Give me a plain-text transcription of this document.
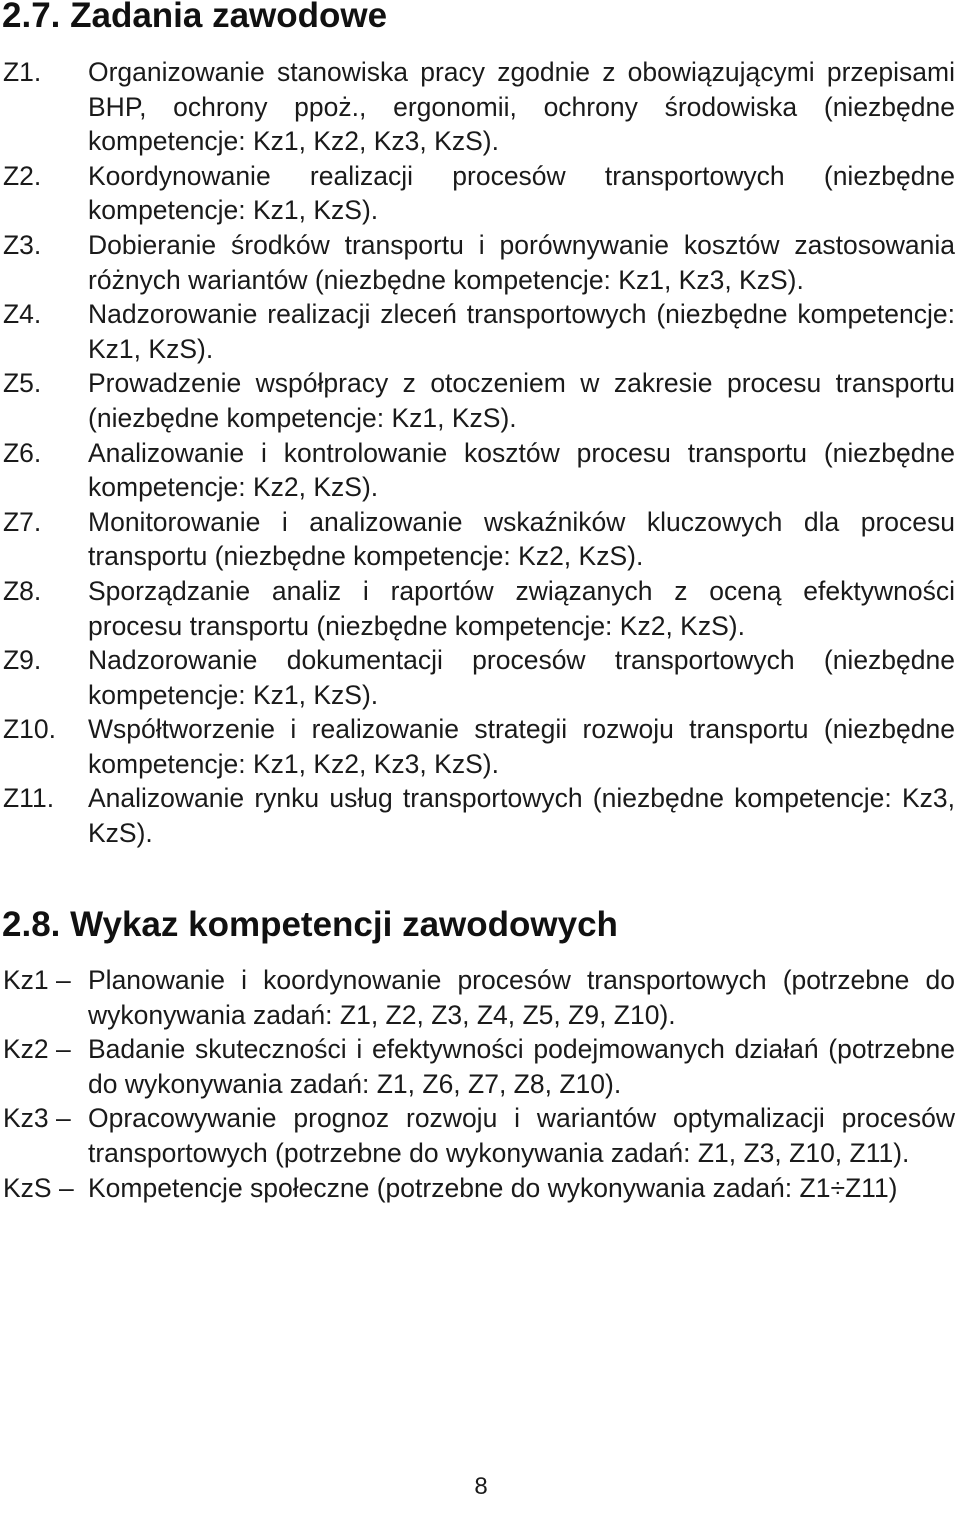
2.7. Zadania zawodowe
Z1.	Organizowanie stanowiska pracy zgodnie z obowiązującymi przepisami BHP, ochrony ppoż., ergonomii, ochrony środowiska (niezbędne kompetencje: Kz1, Kz2, Kz3, KzS).
Z2.	Koordynowanie realizacji procesów transportowych (niezbędne kompetencje: Kz1, KzS).
Z3.	Dobieranie środków transportu i porównywanie kosztów zastosowania różnych wariantów (niezbędne kompetencje: Kz1, Kz3, KzS).
Z4.	Nadzorowanie realizacji zleceń transportowych (niezbędne kompetencje: Kz1, KzS).
Z5.	Prowadzenie współpracy z otoczeniem w zakresie procesu transportu (niezbędne kompetencje: Kz1, KzS).
Z6.	Analizowanie i kontrolowanie kosztów procesu transportu (niezbędne kompetencje: Kz2, KzS).
Z7.	Monitorowanie i analizowanie wskaźników kluczowych dla procesu transportu (niezbędne kompetencje: Kz2, KzS).
Z8.	Sporządzanie analiz i raportów związanych z oceną efektywności procesu transportu (niezbędne kompetencje: Kz2, KzS).
Z9.	Nadzorowanie dokumentacji procesów transportowych (niezbędne kompetencje: Kz1, KzS).
Z10.	Współtworzenie i realizowanie strategii rozwoju transportu (niezbędne kompetencje: Kz1, Kz2, Kz3, KzS).
Z11.	Analizowanie rynku usług transportowych (niezbędne kompetencje: Kz3, KzS).
2.8. Wykaz kompetencji zawodowych
Kz1 – Planowanie i koordynowanie procesów transportowych (potrzebne do wykonywania zadań: Z1, Z2, Z3, Z4, Z5, Z9, Z10).
Kz2 – Badanie skuteczności i efektywności podejmowanych działań (potrzebne do wykonywania zadań: Z1, Z6, Z7, Z8, Z10).
Kz3 – Opracowywanie prognoz rozwoju i wariantów optymalizacji procesów transportowych (potrzebne do wykonywania zadań: Z1, Z3, Z10, Z11).
KzS – Kompetencje społeczne (potrzebne do wykonywania zadań: Z1÷Z11)
8
